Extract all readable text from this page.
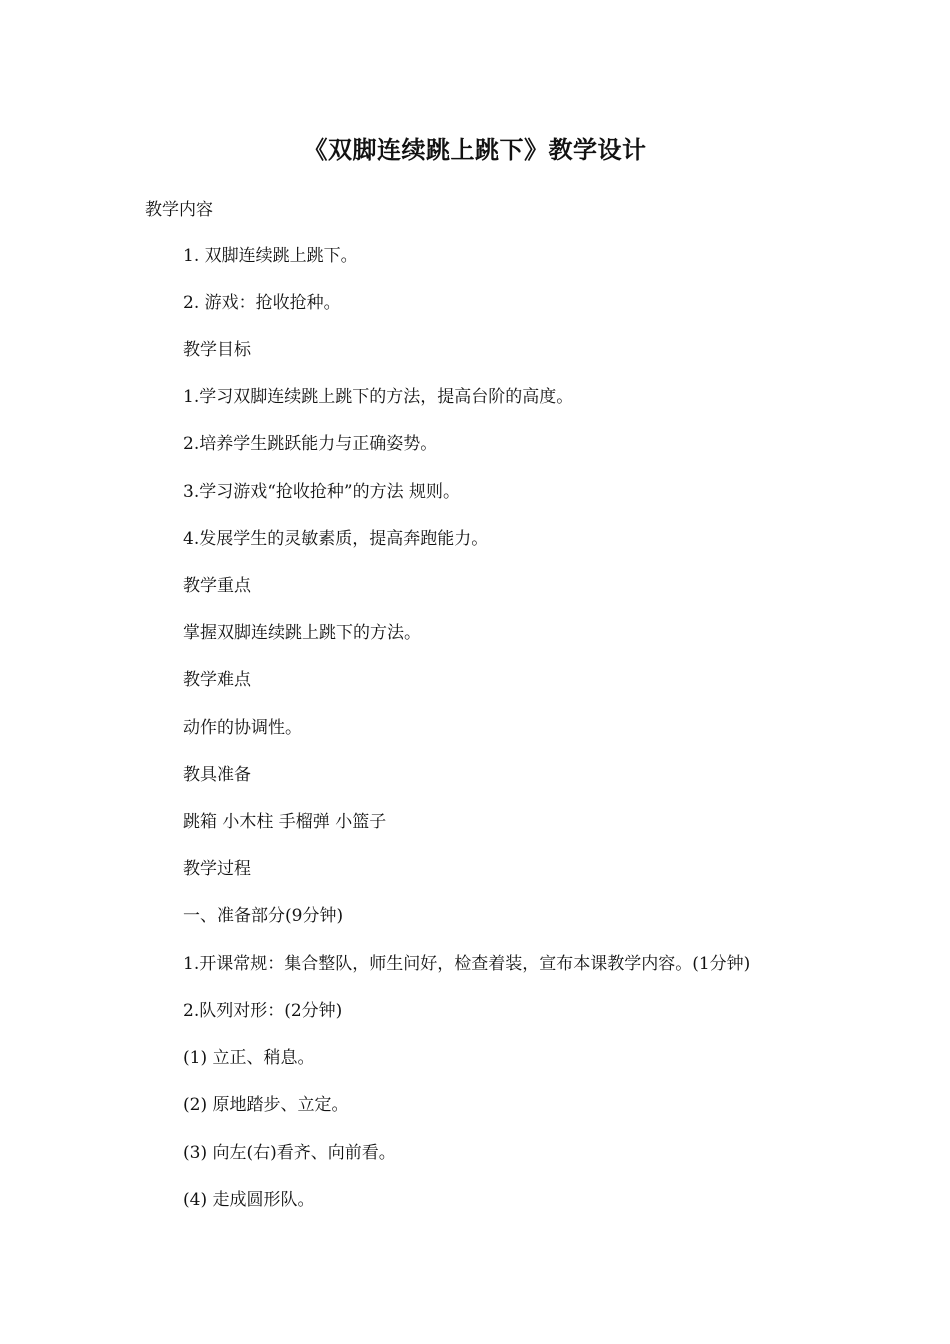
《双脚连续跳上跳下》教学设计
教学内容
1. 双脚连续跳上跳下。
2. 游戏：抢收抢种。
教学目标
1.学习双脚连续跳上跳下的方法，提高台阶的高度。
2.培养学生跳跃能力与正确姿势。
3.学习游戏“抢收抢种”的方法 规则。
4.发展学生的灵敏素质，提高奔跑能力。
教学重点
掌握双脚连续跳上跳下的方法。
教学难点
动作的协调性。
教具准备
跳箱 小木柱 手榴弹 小篮子
教学过程
一、准备部分(9分钟)
1.开课常规：集合整队，师生问好，检查着装，宣布本课教学内容。(1分钟)
2.队列对形：(2分钟)
(1) 立正、稍息。
(2) 原地踏步、立定。
(3) 向左(右)看齐、向前看。
(4) 走成圆形队。
